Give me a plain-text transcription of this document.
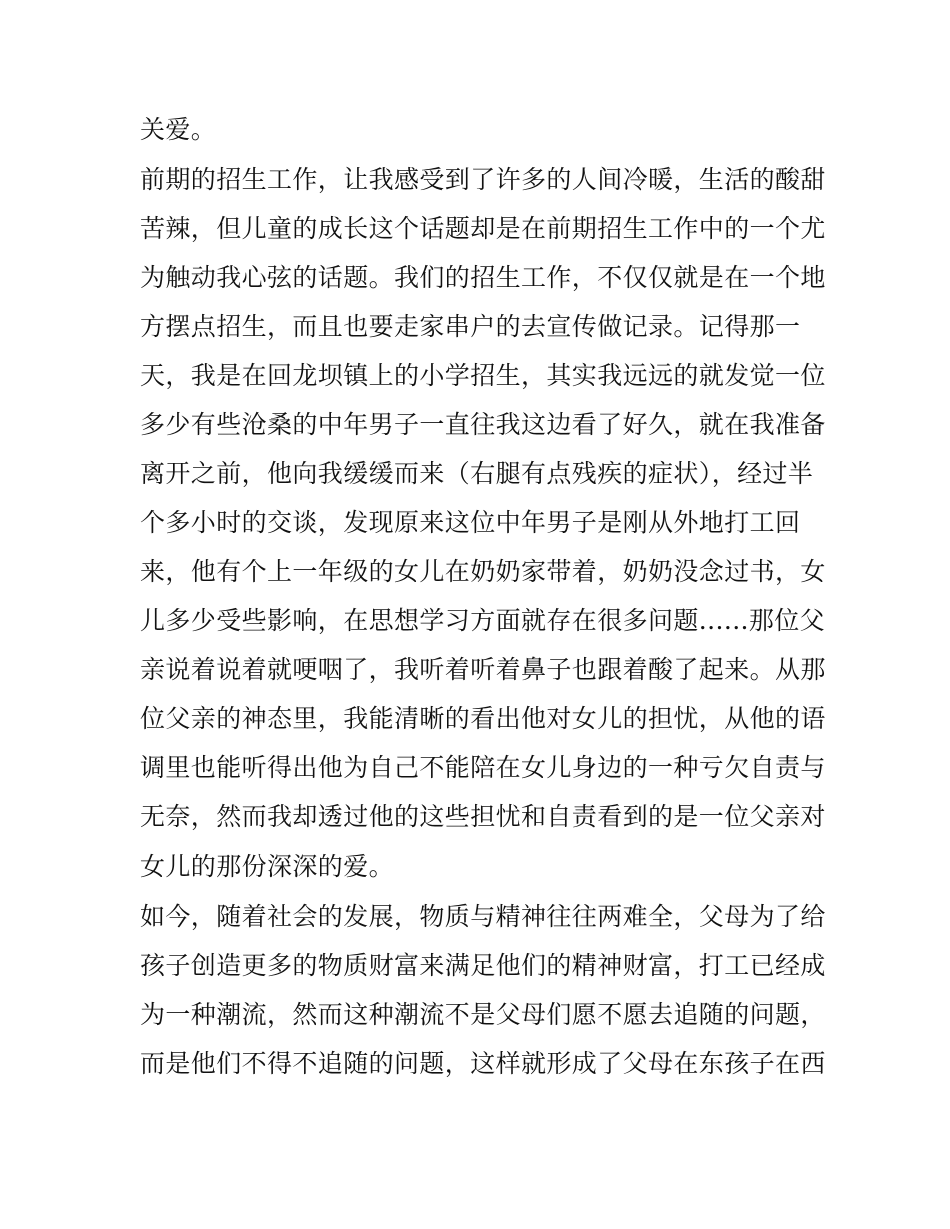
关爱。

前期的招生工作，让我感受到了许多的人间冷暖，生活的酸甜

苦辣，但儿童的成长这个话题却是在前期招生工作中的一个尤

为触动我心弦的话题。我们的招生工作，不仅仅就是在一个地

方摆点招生，而且也要走家串户的去宣传做记录。记得那一

天，我是在回龙坝镇上的小学招生，其实我远远的就发觉一位

多少有些沧桑的中年男子一直往我这边看了好久，就在我准备

离开之前，他向我缓缓而来（右腿有点残疾的症状），经过半

个多小时的交谈，发现原来这位中年男子是刚从外地打工回

来，他有个上一年级的女儿在奶奶家带着，奶奶没念过书，女

儿多少受些影响，在思想学习方面就存在很多问题......那位父

亲说着说着就哽咽了，我听着听着鼻子也跟着酸了起来。从那

位父亲的神态里，我能清晰的看出他对女儿的担忧，从他的语

调里也能听得出他为自己不能陪在女儿身边的一种亏欠自责与

无奈，然而我却透过他的这些担忧和自责看到的是一位父亲对

女儿的那份深深的爱。

如今，随着社会的发展，物质与精神往往两难全，父母为了给

孩子创造更多的物质财富来满足他们的精神财富，打工已经成

为一种潮流，然而这种潮流不是父母们愿不愿去追随的问题，

而是他们不得不追随的问题，这样就形成了父母在东孩子在西
